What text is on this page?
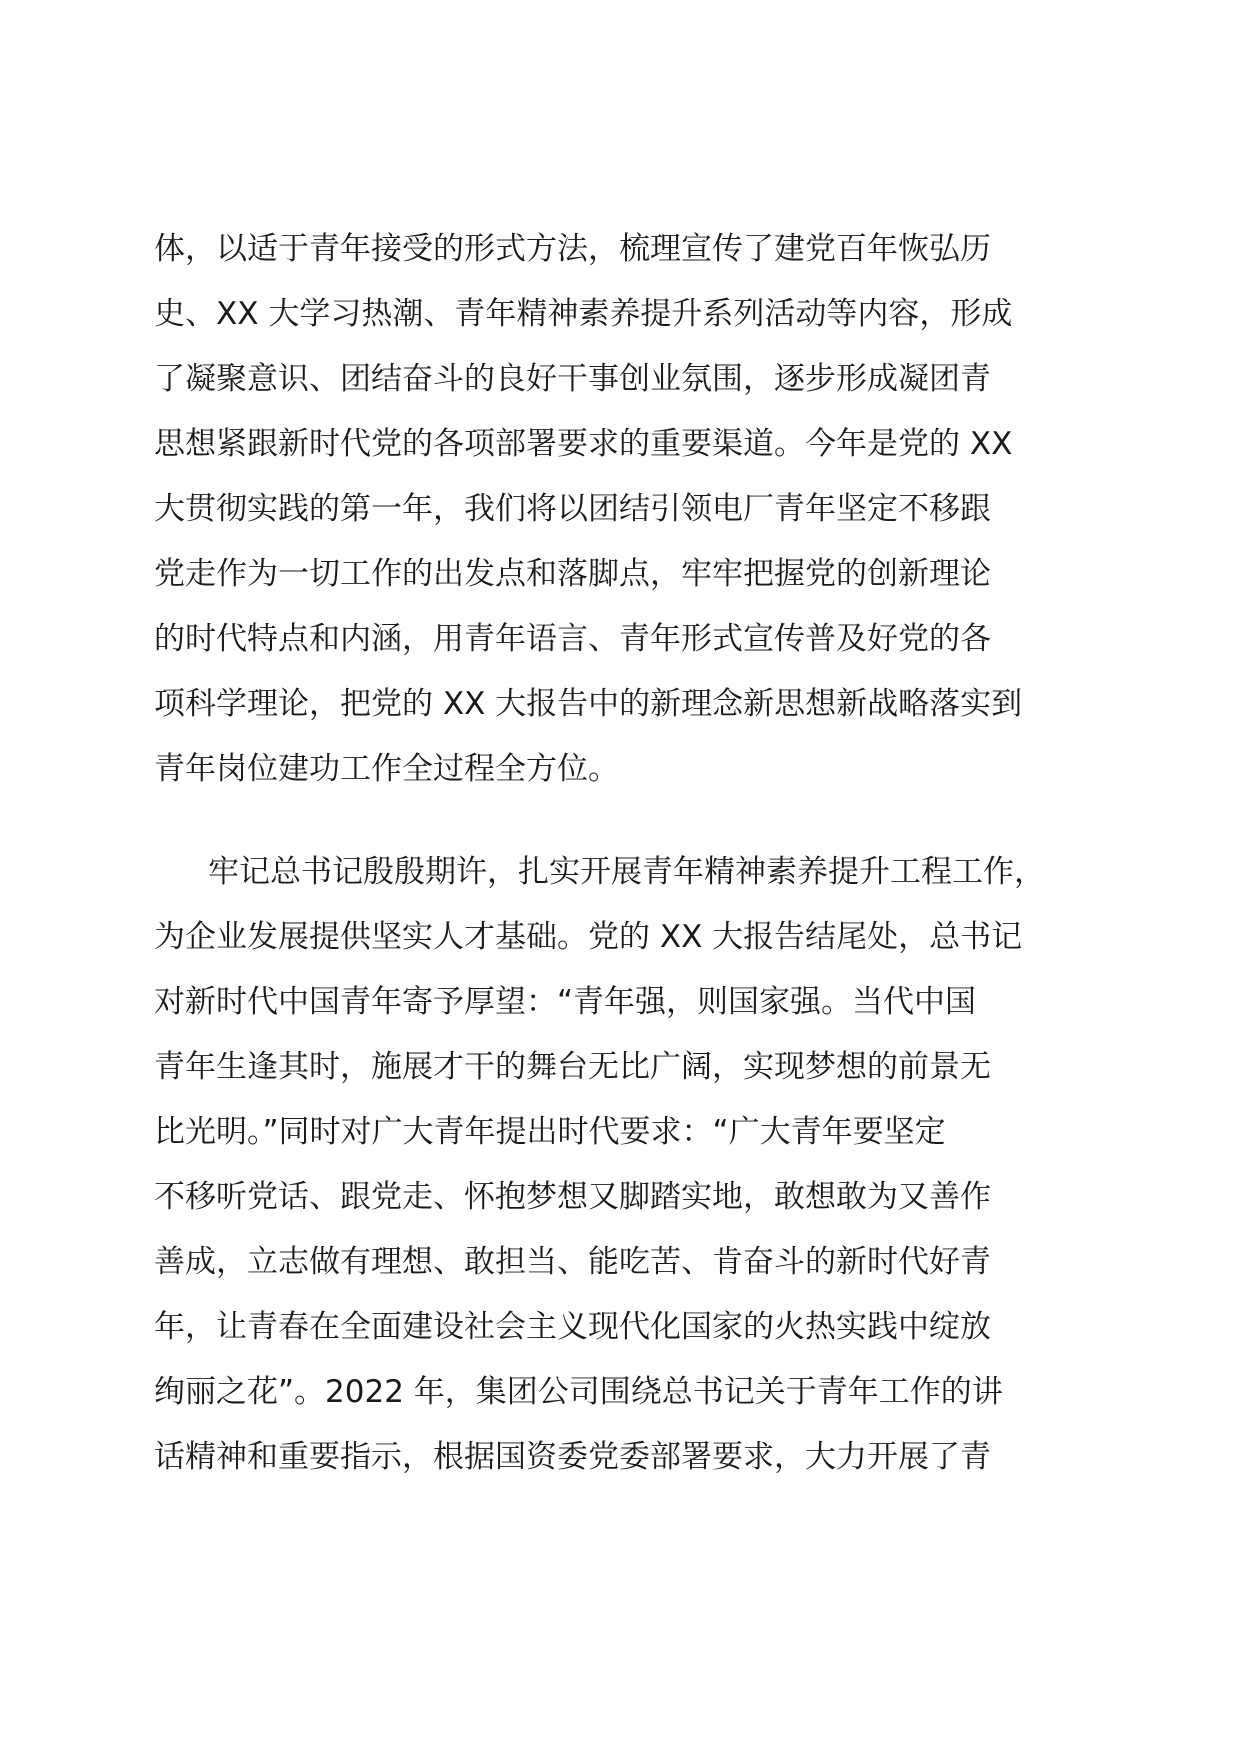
体，以适于青年接受的形式方法，梳理宣传了建党百年恢弘历
史、XX 大学习热潮、青年精神素养提升系列活动等内容，形成
了凝聚意识、团结奋斗的良好干事创业氛围，逐步形成凝团青
思想紧跟新时代党的各项部署要求的重要渠道。今年是党的 XX
大贯彻实践的第一年，我们将以团结引领电厂青年坚定不移跟
党走作为一切工作的出发点和落脚点，牢牢把握党的创新理论
的时代特点和内涵，用青年语言、青年形式宣传普及好党的各
项科学理论，把党的 XX 大报告中的新理念新思想新战略落实到
青年岗位建功工作全过程全方位。
牢记总书记殷殷期许，扎实开展青年精神素养提升工程工作，
为企业发展提供坚实人才基础。党的 XX 大报告结尾处，总书记
对新时代中国青年寄予厚望：“青年强，则国家强。当代中国
青年生逢其时，施展才干的舞台无比广阔，实现梦想的前景无
比光明。”同时对广大青年提出时代要求：“广大青年要坚定
不移听党话、跟党走、怀抱梦想又脚踏实地，敢想敢为又善作
善成，立志做有理想、敢担当、能吃苦、肯奋斗的新时代好青
年，让青春在全面建设社会主义现代化国家的火热实践中绽放
绚丽之花”。2022 年，集团公司围绕总书记关于青年工作的讲
话精神和重要指示，根据国资委党委部署要求，大力开展了青
